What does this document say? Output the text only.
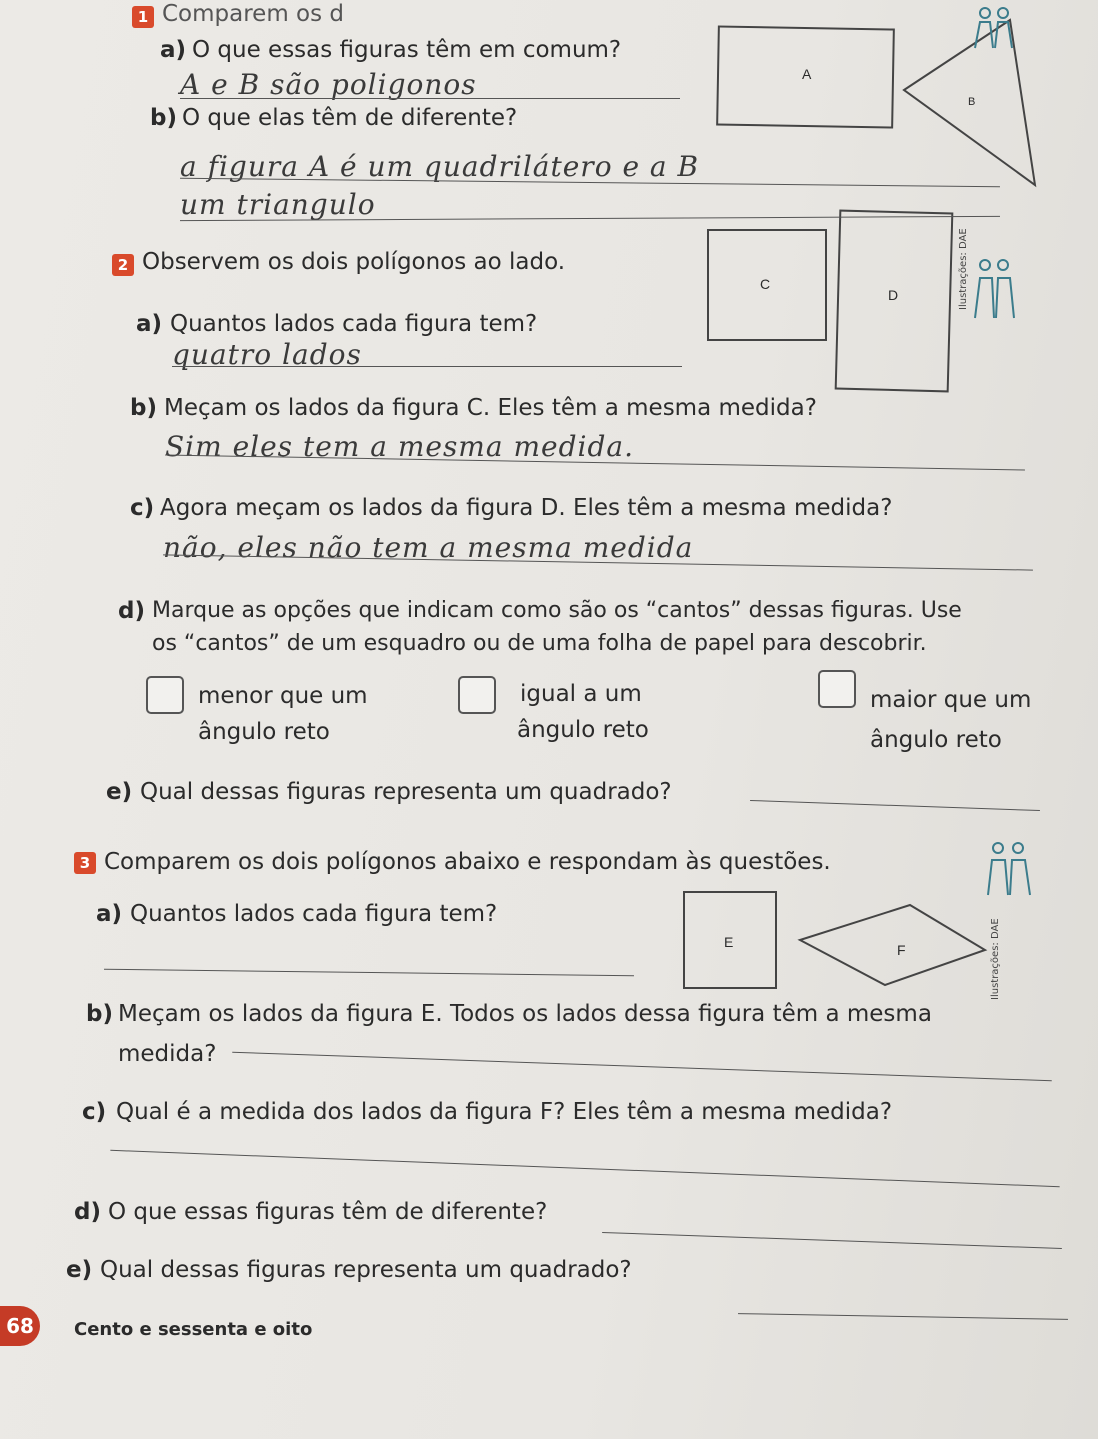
1 Comparem os d
a) O que essas figuras têm em comum?
A e B são poligonos	A
B
b) O que elas têm de diferente?
a figura A é um quadrilátero e a B
um triangulo
2 Observem os dois polígonos ao lado.
C
D	Ilustrações: DAE
a) Quantos lados cada figura tem?
quatro lados
b) Meçam os lados da figura C. Eles têm a mesma medida?
Sim eles tem a mesma medida.
c) Agora meçam os lados da figura D. Eles têm a mesma medida?
não, eles não tem a mesma medida
d) Marque as opções que indicam como são os “cantos” dessas figuras. Use
os “cantos” de um esquadro ou de uma folha de papel para descobrir.
menor que um
ângulo reto
igual a um
ângulo reto
maior que um
ângulo reto
e) Qual dessas figuras representa um quadrado?
3 Comparem os dois polígonos abaixo e respondam às questões.
a) Quantos lados cada figura tem?
E	F	Ilustrações: DAE
b) Meçam os lados da figura E. Todos os lados dessa figura têm a mesma
medida?
c) Qual é a medida dos lados da figura F? Eles têm a mesma medida?
d) O que essas figuras têm de diferente?
e) Qual dessas figuras representa um quadrado?
68	Cento e sessenta e oito
